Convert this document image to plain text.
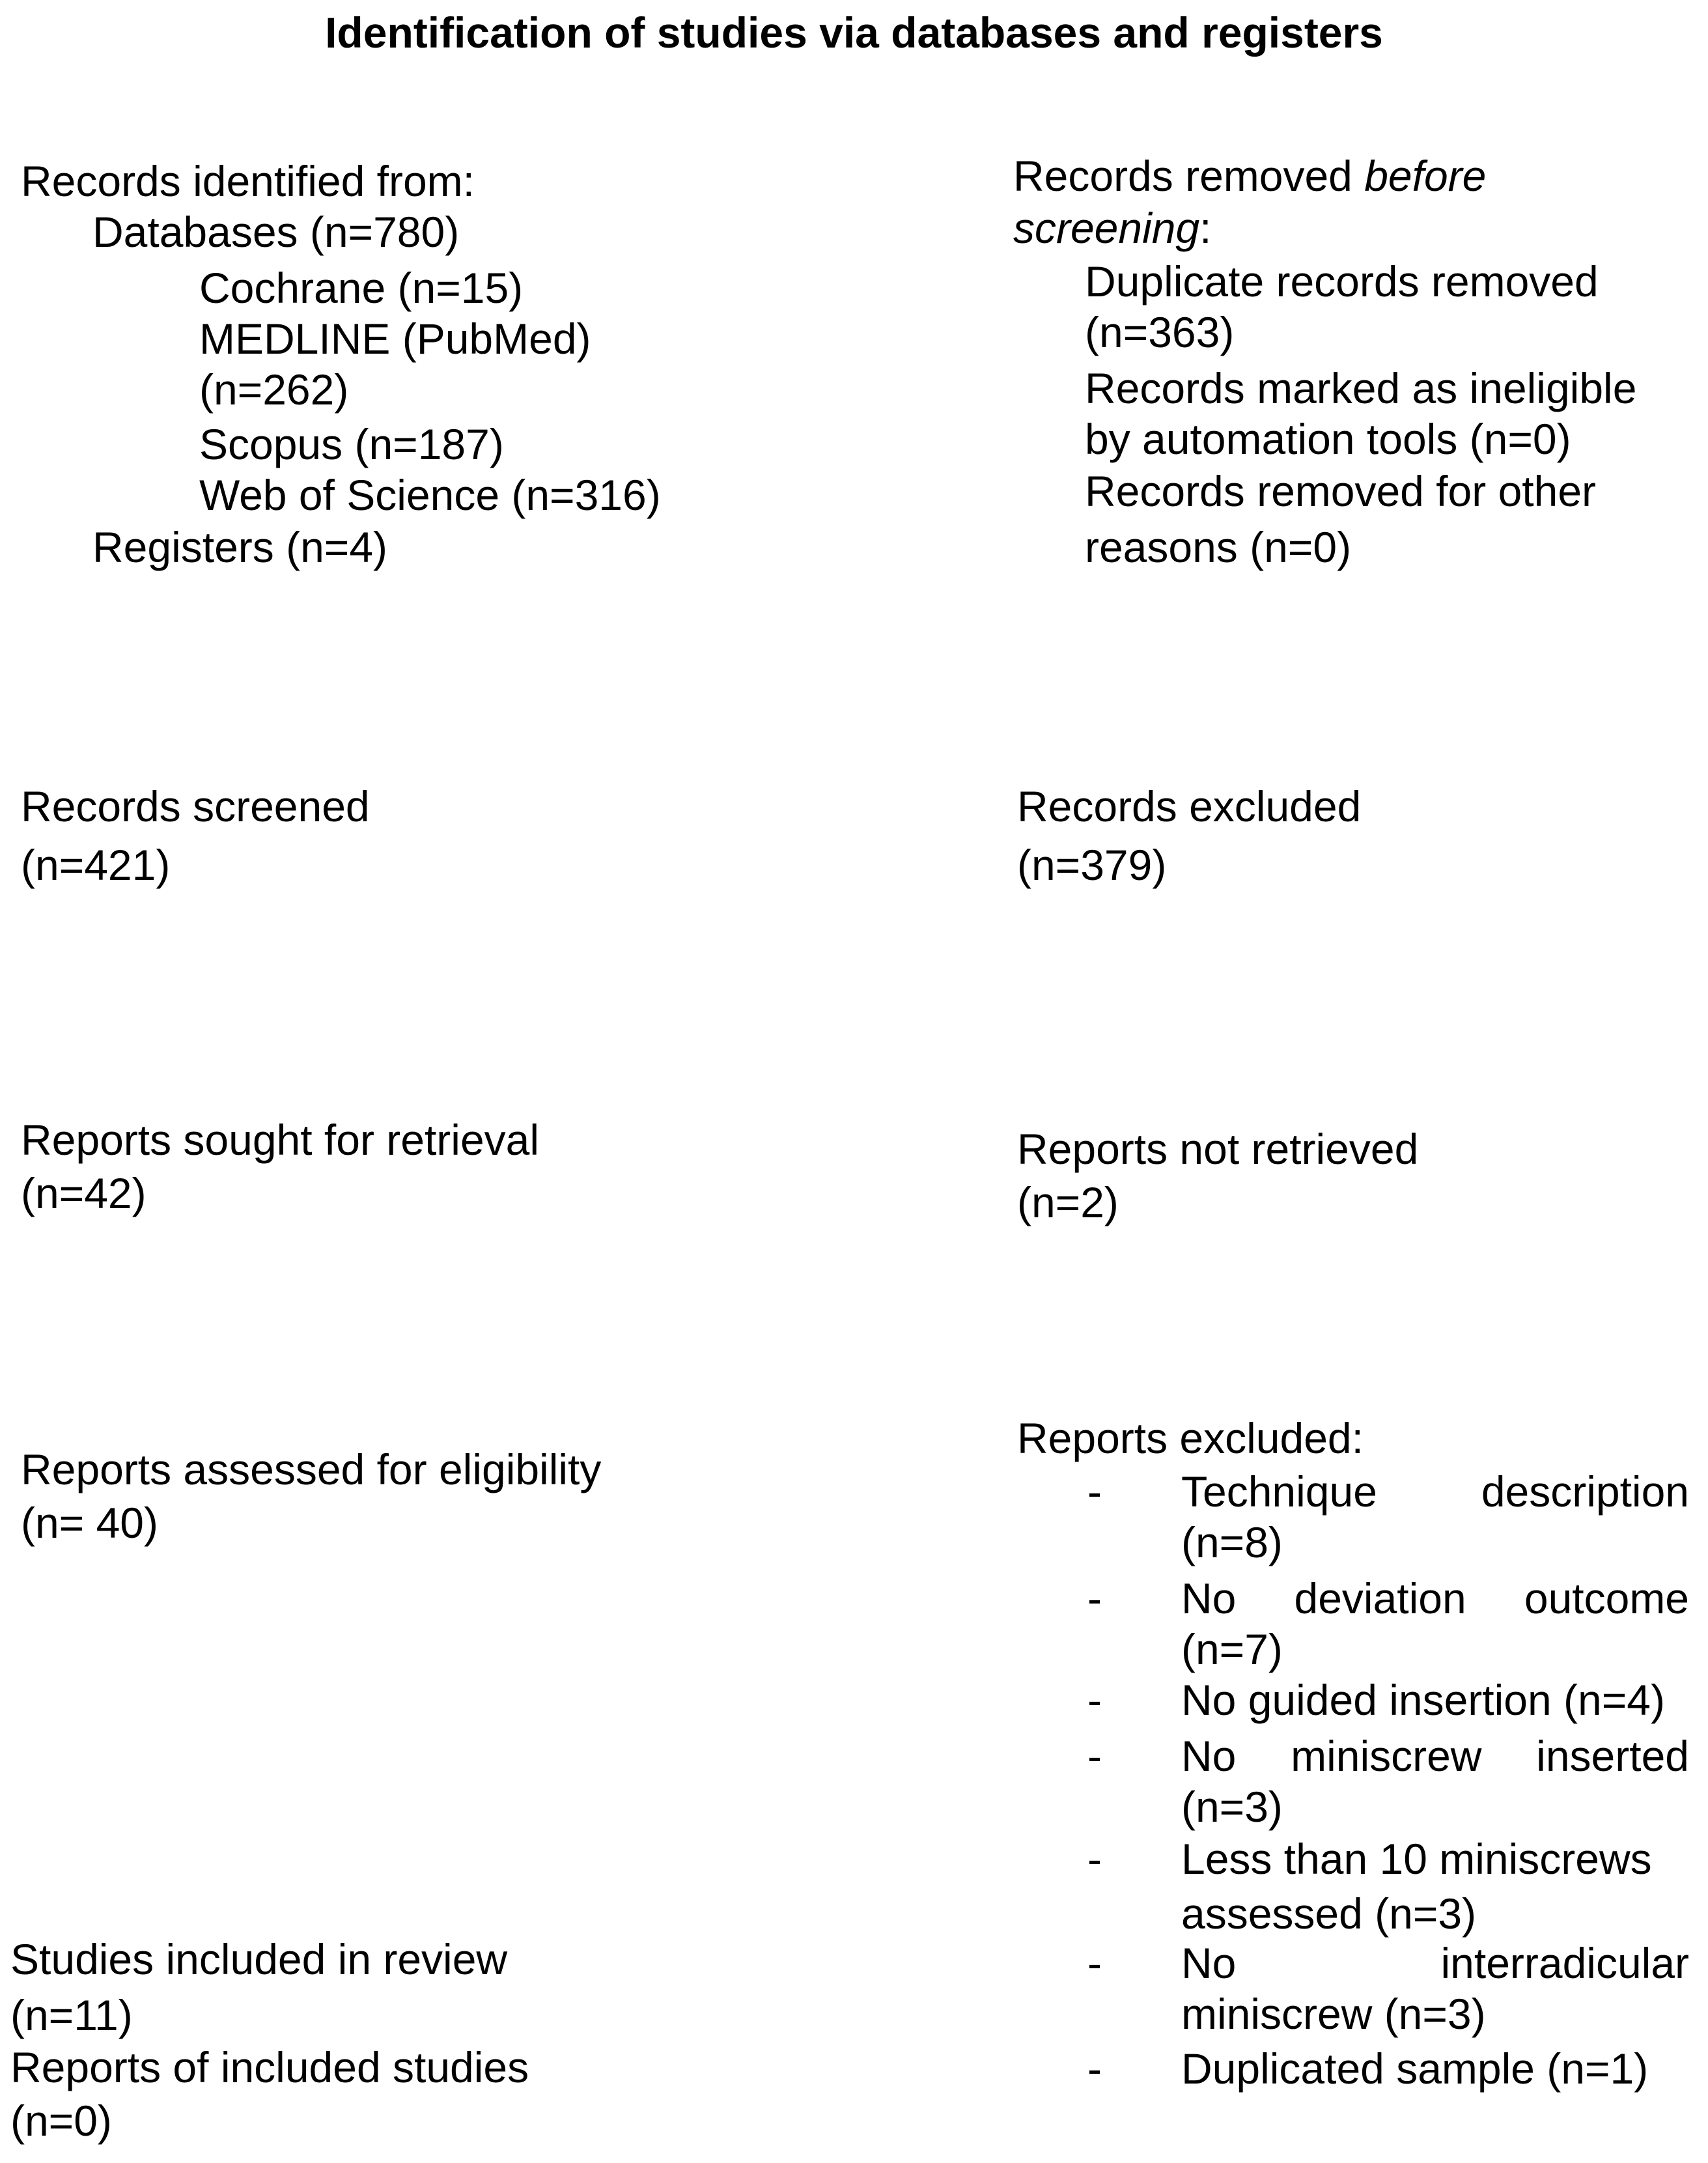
Identification of studies via databases and registers
Records identified from:
Databases (n=780)
Cochrane (n=15)
MEDLINE (PubMed)
(n=262)
Scopus (n=187)
Web of Science (n=316)
Registers (n=4)
Records removed before
screening:
Duplicate records removed
(n=363)
Records marked as ineligible
by automation tools (n=0)
Records removed for other
reasons (n=0)
Records screened
(n=421)
Records excluded
(n=379)
Reports sought for retrieval
(n=42)
Reports not retrieved
(n=2)
Reports assessed for eligibility
(n= 40)
Reports excluded:
-
-
-
-
-
-
-
Technique description
(n=8)
No deviation outcome
(n=7)
No guided insertion (n=4)
No miniscrew inserted
(n=3)
Less than 10 miniscrews
assessed (n=3)
No	interradicular
miniscrew (n=3)
Duplicated sample (n=1)
Studies included in review
(n=11)
Reports of included studies
(n=0)
